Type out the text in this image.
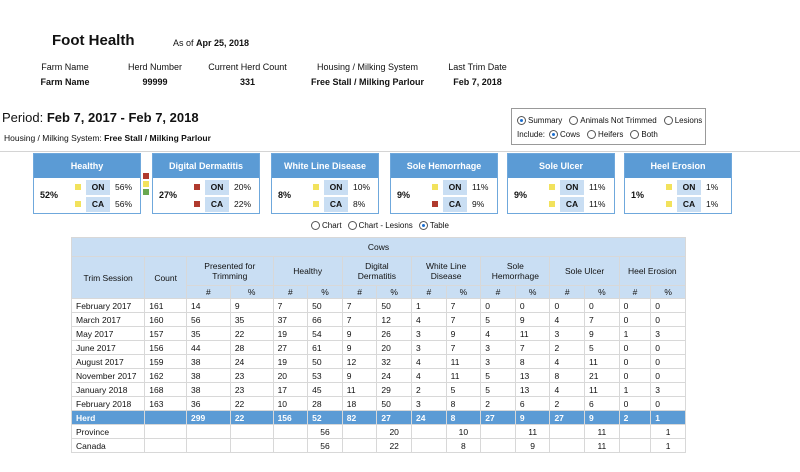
Foot Health	As of Apr 25, 2018
Farm Name
Farm Name
Herd Number
99999
Current Herd Count
331
Housing / Milking System
Free Stall / Milking Parlour
Last Trim Date
Feb 7, 2018
Period: Feb 7, 2017 - Feb 7, 2018
Housing / Milking System: Free Stall / Milking Parlour
Summary Animals Not Trimmed Lesions
Include: Cows Heifers Both
Healthy
52%
ON	56%
CA	56%
Digital Dermatitis
27%
ON	20%
CA	22%
White Line Disease
8%
ON	10%
CA	8%
Sole Hemorrhage
9%
ON	11%
CA	9%
Sole Ulcer
9%
ON	11%
CA	11%
Heel Erosion
1%
ON	1%
CA	1%
Chart Chart - Lesions Table
Cows															
Trim Session	Count	Presented for Trimming		Healthy		Digital Dermatitis		White Line Disease		Sole Hemorrhage		Sole Ulcer		Heel Erosion	
		#	%	#	%	#	%	#	%	#	%	#	%	#	%
February 2017	161	14	9	7	50	7	50	1	7	0	0	0	0	0	0
March 2017	160	56	35	37	66	7	12	4	7	5	9	4	7	0	0
May 2017	157	35	22	19	54	9	26	3	9	4	11	3	9	1	3
June 2017	156	44	28	27	61	9	20	3	7	3	7	2	5	0	0
August 2017	159	38	24	19	50	12	32	4	11	3	8	4	11	0	0
November 2017	162	38	23	20	53	9	24	4	11	5	13	8	21	0	0
January 2018	168	38	23	17	45	11	29	2	5	5	13	4	11	1	3
February 2018	163	36	22	10	28	18	50	3	8	2	6	2	6	0	0
Herd		299	22	156	52	82	27	24	8	27	9	27	9	2	1
Province					56		20		10		11		11		1
Canada					56		22		8		9		11		1
